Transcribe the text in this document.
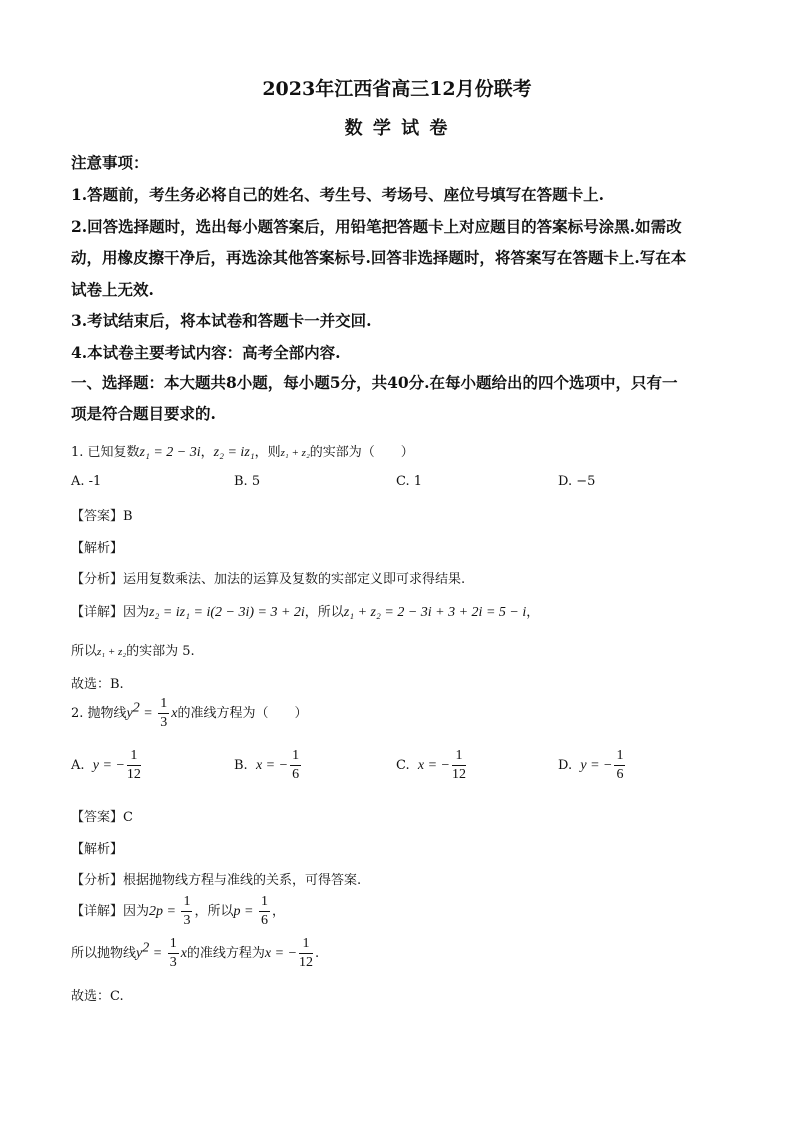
2023年江西省高三12月份联考
数 学 试 卷
注意事项：
1.答题前，考生务必将自己的姓名、考生号、考场号、座位号填写在答题卡上.
2.回答选择题时，选出每小题答案后，用铅笔把答题卡上对应题目的答案标号涂黑.如需改
动，用橡皮擦干净后，再选涂其他答案标号.回答非选择题时，将答案写在答题卡上.写在本
试卷上无效.
3.考试结束后，将本试卷和答题卡一并交回.
4.本试卷主要考试内容：高考全部内容.
一、选择题：本大题共8小题，每小题5分，共40分.在每小题给出的四个选项中，只有一
项是符合题目要求的.
1. 已知复数z₁ = 2 − 3i，z₂ = iz₁，则z₁ + z₂的实部为（　　）
A. -1	B. 5	C. 1	D. −5
【答案】B
【解析】
【分析】运用复数乘法、加法的运算及复数的实部定义即可求得结果.
【详解】因为z₂ = iz₁ = i(2 − 3i) = 3 + 2i，所以z₁ + z₂ = 2 − 3i + 3 + 2i = 5 − i，
所以z₁ + z₂的实部为 5.
故选：B.
2. 抛物线$y^2 = \frac{1}{3}$ x的准线方程为（　　）
A. y = − $\frac{1}{12}$	B. x = − $\frac{1}{6}$	C. x = − $\frac{1}{12}$	D. y = − $\frac{1}{6}$
【答案】C
【解析】
【分析】根据抛物线方程与准线的关系，可得答案.
【详解】因为$2p = \frac{1}{3}$ ，所以$p = \frac{1}{6}$ ，
所以抛物线$y^2 = \frac{1}{3}$ x的准线方程为x = − $\frac{1}{12}$ .
故选：C.
